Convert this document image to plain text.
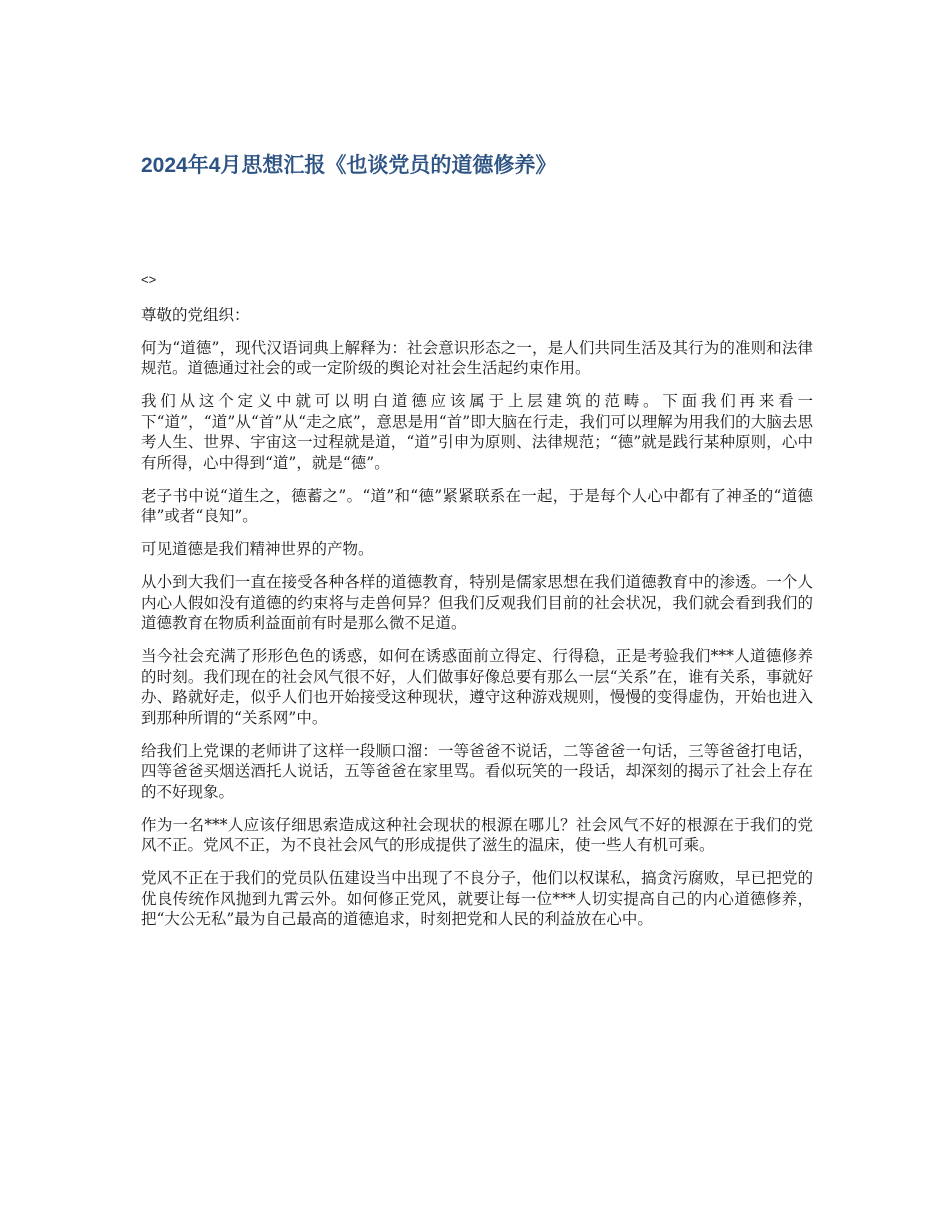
2024年4月思想汇报《也谈党员的道德修养》

<>

尊敬的党组织：

何为“道德”，现代汉语词典上解释为：社会意识形态之一，是人们共同生活及其行为的准则和法律规范。道德通过社会的或一定阶级的舆论对社会生活起约束作用。

我们从这个定义中就可以明白道德应该属于上层建筑的范畴。下面我们再来看一下“道”，“道”从“首”从“走之底”，意思是用“首”即大脑在行走，我们可以理解为用我们的大脑去思考人生、世界、宇宙这一过程就是道，“道”引申为原则、法律规范；“德”就是践行某种原则，心中有所得，心中得到“道”，就是“德”。

老子书中说“道生之，德蓄之”。“道”和“德”紧紧联系在一起，于是每个人心中都有了神圣的“道德律”或者“良知”。

可见道德是我们精神世界的产物。

从小到大我们一直在接受各种各样的道德教育，特别是儒家思想在我们道德教育中的渗透。一个人内心人假如没有道德的约束将与走兽何异？但我们反观我们目前的社会状况，我们就会看到我们的道德教育在物质利益面前有时是那么微不足道。

当今社会充满了形形色色的诱惑，如何在诱惑面前立得定、行得稳，正是考验我们***人道德修养的时刻。我们现在的社会风气很不好，人们做事好像总要有那么一层“关系”在，谁有关系，事就好办、路就好走，似乎人们也开始接受这种现状，遵守这种游戏规则，慢慢的变得虚伪，开始也进入到那种所谓的“关系网”中。

给我们上党课的老师讲了这样一段顺口溜：一等爸爸不说话，二等爸爸一句话，三等爸爸打电话，四等爸爸买烟送酒托人说话，五等爸爸在家里骂。看似玩笑的一段话，却深刻的揭示了社会上存在的不好现象。

作为一名***人应该仔细思索造成这种社会现状的根源在哪儿？社会风气不好的根源在于我们的党风不正。党风不正，为不良社会风气的形成提供了滋生的温床，使一些人有机可乘。

党风不正在于我们的党员队伍建设当中出现了不良分子，他们以权谋私，搞贪污腐败，早已把党的优良传统作风抛到九霄云外。如何修正党风，就要让每一位***人切实提高自己的内心道德修养，把“大公无私”最为自己最高的道德追求，时刻把党和人民的利益放在心中。
